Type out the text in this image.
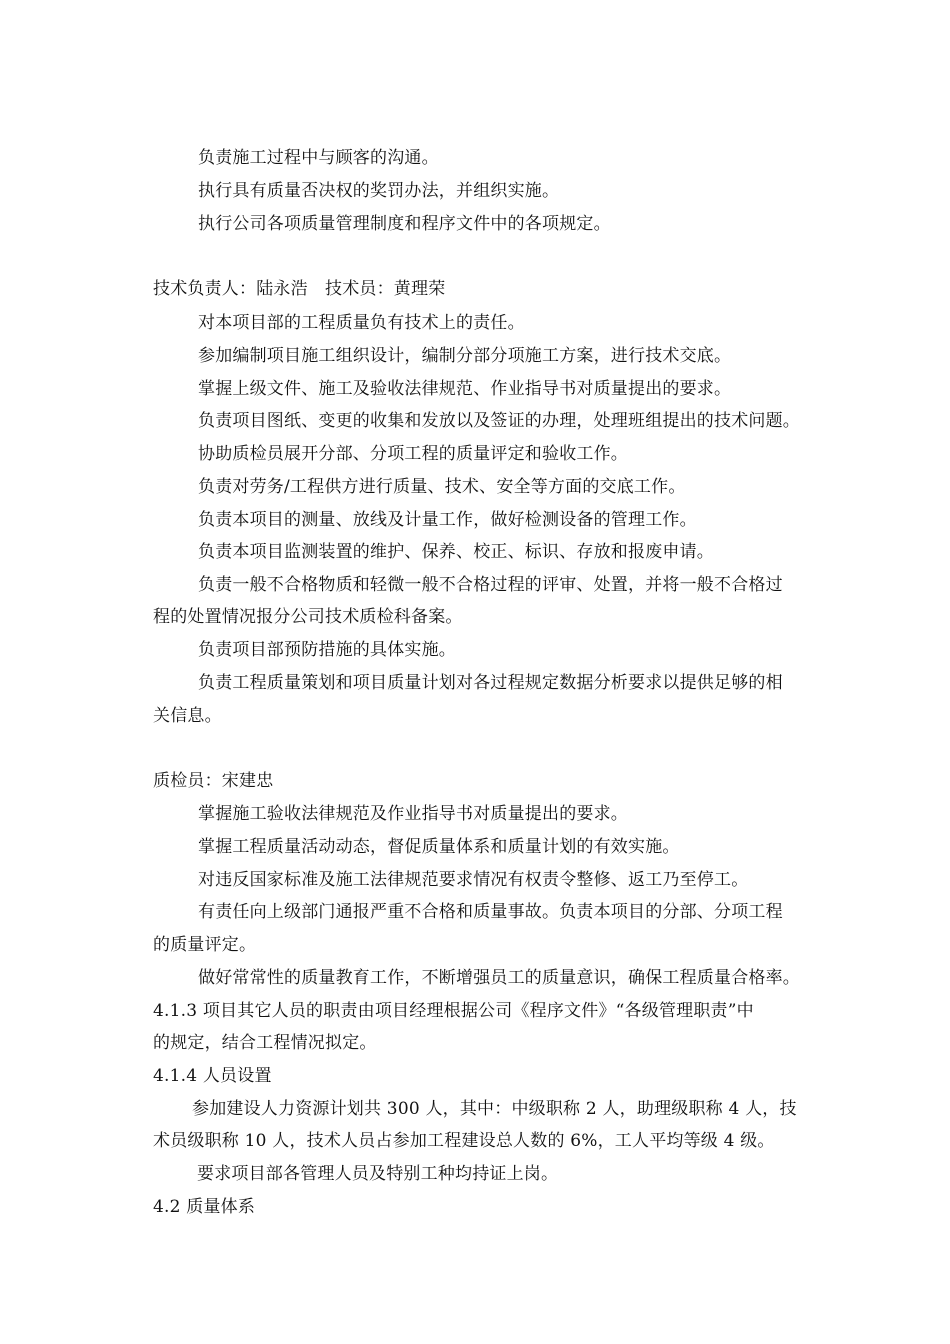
负责施工过程中与顾客的沟通。
执行具有质量否决权的奖罚办法，并组织实施。
执行公司各项质量管理制度和程序文件中的各项规定。
技术负责人：陆永浩　技术员：黄理荣
对本项目部的工程质量负有技术上的责任。
参加编制项目施工组织设计，编制分部分项施工方案，进行技术交底。
掌握上级文件、施工及验收法律规范、作业指导书对质量提出的要求。
负责项目图纸、变更的收集和发放以及签证的办理，处理班组提出的技术问题。
协助质检员展开分部、分项工程的质量评定和验收工作。
负责对劳务/工程供方进行质量、技术、安全等方面的交底工作。
负责本项目的测量、放线及计量工作，做好检测设备的管理工作。
负责本项目监测装置的维护、保养、校正、标识、存放和报废申请。
负责一般不合格物质和轻微一般不合格过程的评审、处置，并将一般不合格过
程的处置情况报分公司技术质检科备案。
负责项目部预防措施的具体实施。
负责工程质量策划和项目质量计划对各过程规定数据分析要求以提供足够的相
关信息。
质检员：宋建忠
掌握施工验收法律规范及作业指导书对质量提出的要求。
掌握工程质量活动动态，督促质量体系和质量计划的有效实施。
对违反国家标准及施工法律规范要求情况有权责令整修、返工乃至停工。
有责任向上级部门通报严重不合格和质量事故。负责本项目的分部、分项工程
的质量评定。
做好常常性的质量教育工作，不断增强员工的质量意识，确保工程质量合格率。
4.1.3 项目其它人员的职责由项目经理根据公司《程序文件》“各级管理职责”中
的规定，结合工程情况拟定。
4.1.4 人员设置
参加建设人力资源计划共 300 人，其中：中级职称 2 人，助理级职称 4 人，技
术员级职称 10 人，技术人员占参加工程建设总人数的 6%，工人平均等级 4 级。
要求项目部各管理人员及特别工种均持证上岗。
4.2 质量体系
